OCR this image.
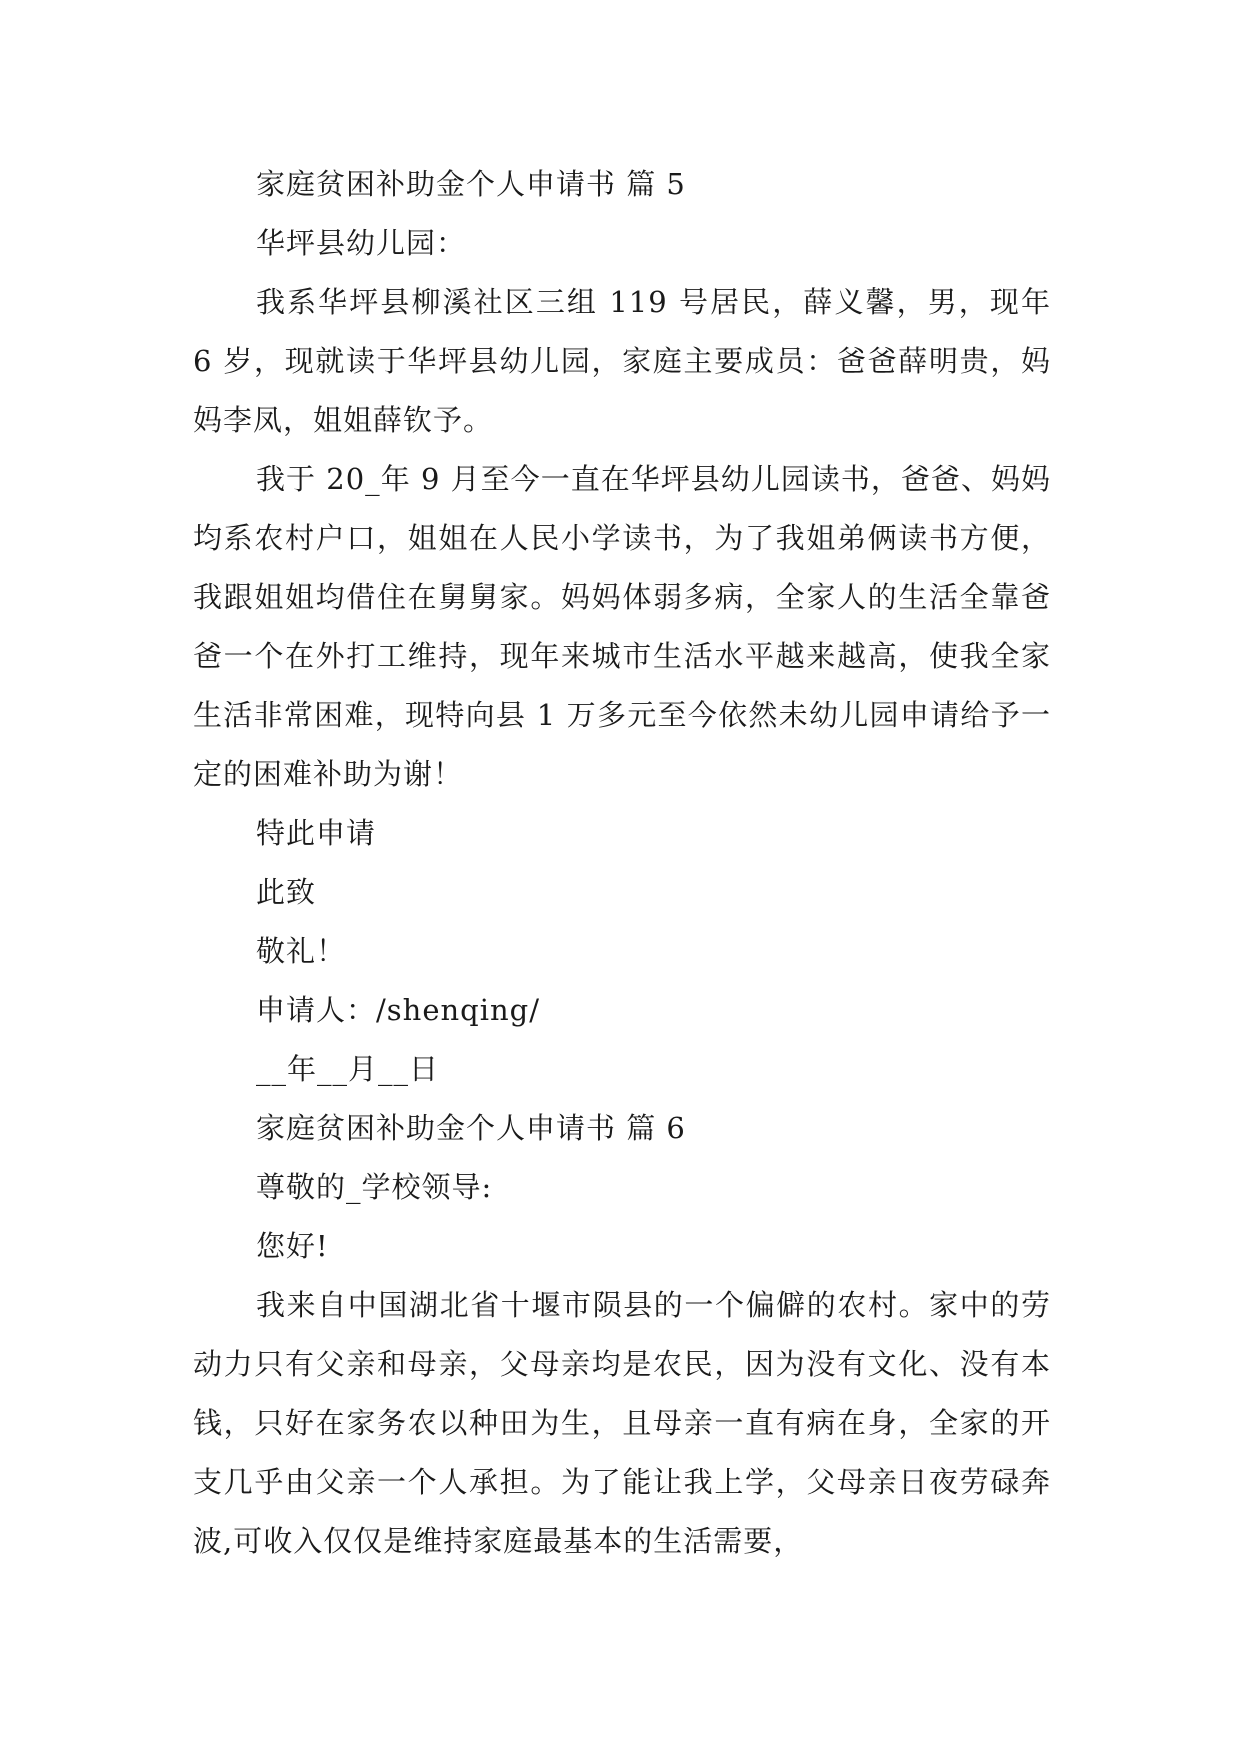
家庭贫困补助金个人申请书 篇 5
华坪县幼儿园：

我系华坪县柳溪社区三组 119 号居民，薛义馨，男，现年 6 岁，现就读于华坪县幼儿园，家庭主要成员：爸爸薛明贵，妈妈李凤，姐姐薛钦予。

我于 20_年 9 月至今一直在华坪县幼儿园读书，爸爸、妈妈均系农村户口，姐姐在人民小学读书，为了我姐弟俩读书方便，我跟姐姐均借住在舅舅家。妈妈体弱多病，全家人的生活全靠爸爸一个在外打工维持，现年来城市生活水平越来越高，使我全家生活非常困难，现特向县 1 万多元至今依然未幼儿园申请给予一定的困难补助为谢！

特此申请
此致
敬礼！
申请人：/shenqing/
__年__月__日
家庭贫困补助金个人申请书 篇 6
尊敬的_学校领导:
您好!

我来自中国湖北省十堰市陨县的一个偏僻的农村。家中的劳动力只有父亲和母亲，父母亲均是农民，因为没有文化、没有本钱，只好在家务农以种田为生，且母亲一直有病在身，全家的开支几乎由父亲一个人承担。为了能让我上学，父母亲日夜劳碌奔波,可收入仅仅是维持家庭最基本的生活需要，
